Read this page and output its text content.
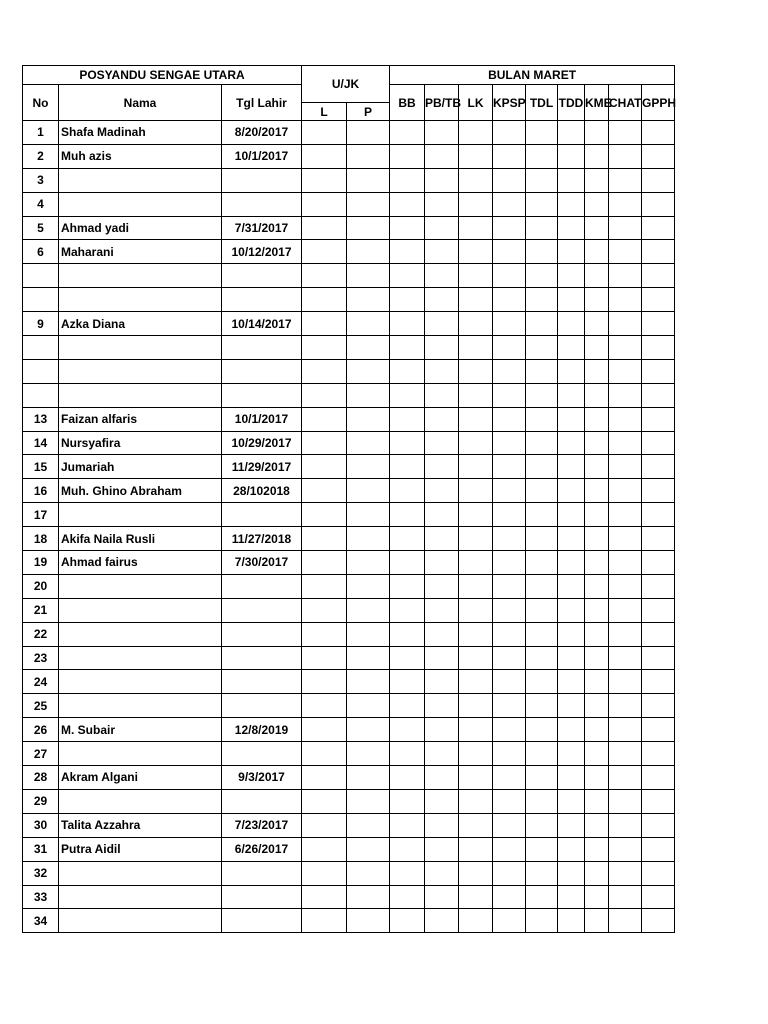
POSYANDU SENGAE UTARA			U/JK		BULAN MARET								
No	Nama	Tgl Lahir			BB	PB/TB	LK	KPSP	TDL	TDD	KME	CHAT	GPPH
			L	P									
1	Shafa Madinah	8/20/2017											
2	Muh azis	10/1/2017											
3													
4													
5	Ahmad yadi	7/31/2017											
6	Maharani	10/12/2017											

9	Azka Diana	10/14/2017											

13	Faizan alfaris	10/1/2017											
14	Nursyafira	10/29/2017											
15	Jumariah	11/29/2017											
16	Muh. Ghino Abraham	28/102018											
17													
18	Akifa Naila Rusli	11/27/2018											
19	Ahmad fairus	7/30/2017											
20													
21													
22													
23													
24													
25													
26	M. Subair	12/8/2019											
27													
28	Akram Algani	9/3/2017											
29													
30	Talita Azzahra	7/23/2017											
31	Putra Aidil	6/26/2017											
32													
33													
34													
